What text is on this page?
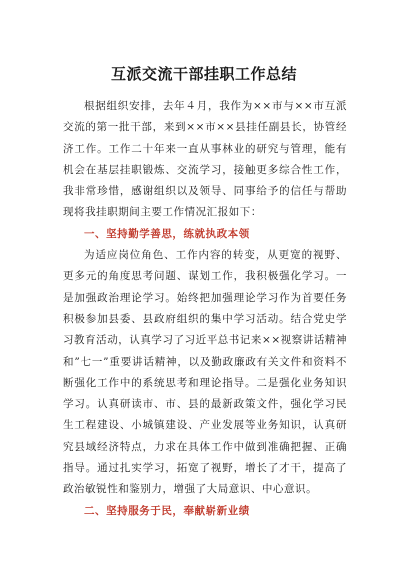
互派交流干部挂职工作总结

根据组织安排，去年４月，我作为××市与××市互派交流的第一批干部，来到××市××县挂任副县长，协管经济工作。工作二十年来一直从事林业的研究与管理，能有机会在基层挂职锻炼、交流学习，接触更多综合性工作，我非常珍惜，感谢组织以及领导、同事给予的信任与帮助现将我挂职期间主要工作情况汇报如下：

一、坚持勤学善思，练就执政本领

为适应岗位角色、工作内容的转变，从更宽的视野、更多元的角度思考问题、谋划工作，我积极强化学习。一是加强政治理论学习。始终把加强理论学习作为首要任务积极参加县委、县政府组织的集中学习活动。结合党史学习教育活动，认真学习了习近平总书记来××视察讲话精神和”七一”重要讲话精神，以及勤政廉政有关文件和资料不断强化工作中的系统思考和理论指导。二是强化业务知识学习。认真研读市、市、县的最新政策文件，强化学习民生工程建设、小城镇建设、产业发展等业务知识，认真研究县域经济特点，力求在具体工作中做到准确把握、正确指导。通过扎实学习，拓宽了视野，增长了才干，提高了政治敏锐性和鉴别力，增强了大局意识、中心意识。

二、坚持服务于民，奉献崭新业绩
